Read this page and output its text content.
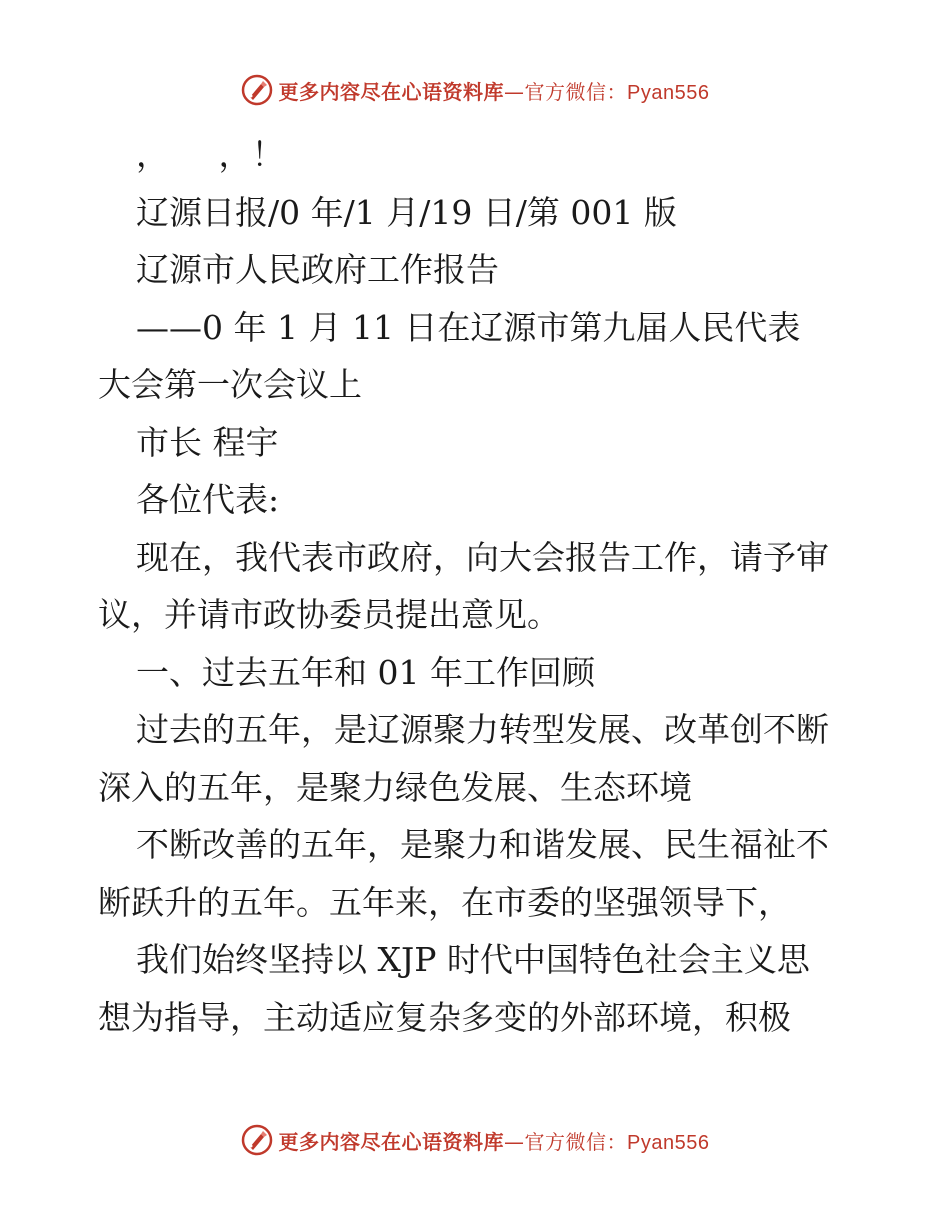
更多内容尽在心语资料库—官方微信：Pyan556
，　　，！
辽源日报/0 年/1 月/19 日/第 001 版
辽源市人民政府工作报告
——0 年 1 月 11 日在辽源市第九届人民代表
大会第一次会议上
市长 程宇
各位代表:
现在，我代表市政府，向大会报告工作，请予审
议，并请市政协委员提出意见。
一、过去五年和 01 年工作回顾
过去的五年，是辽源聚力转型发展、改革创不断
深入的五年，是聚力绿色发展、生态环境
不断改善的五年，是聚力和谐发展、民生福祉不
断跃升的五年。五年来，在市委的坚强领导下，
我们始终坚持以 XJP 时代中国特色社会主义思
想为指导，主动适应复杂多变的外部环境，积极
更多内容尽在心语资料库—官方微信：Pyan556
